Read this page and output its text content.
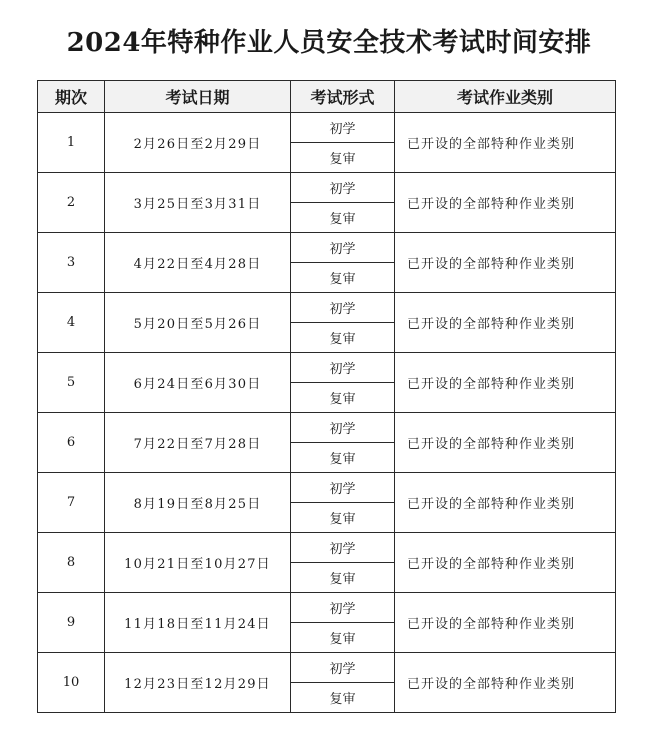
2024年特种作业人员安全技术考试时间安排
期次	考试日期	考试形式	考试作业类别
1	2月26日至2月29日	初学	已开设的全部特种作业类别
		复审	
2	3月25日至3月31日	初学	已开设的全部特种作业类别
		复审	
3	4月22日至4月28日	初学	已开设的全部特种作业类别
		复审	
4	5月20日至5月26日	初学	已开设的全部特种作业类别
		复审	
5	6月24日至6月30日	初学	已开设的全部特种作业类别
		复审	
6	7月22日至7月28日	初学	已开设的全部特种作业类别
		复审	
7	8月19日至8月25日	初学	已开设的全部特种作业类别
		复审	
8	10月21日至10月27日	初学	已开设的全部特种作业类别
		复审	
9	11月18日至11月24日	初学	已开设的全部特种作业类别
		复审	
10	12月23日至12月29日	初学	已开设的全部特种作业类别
		复审	
